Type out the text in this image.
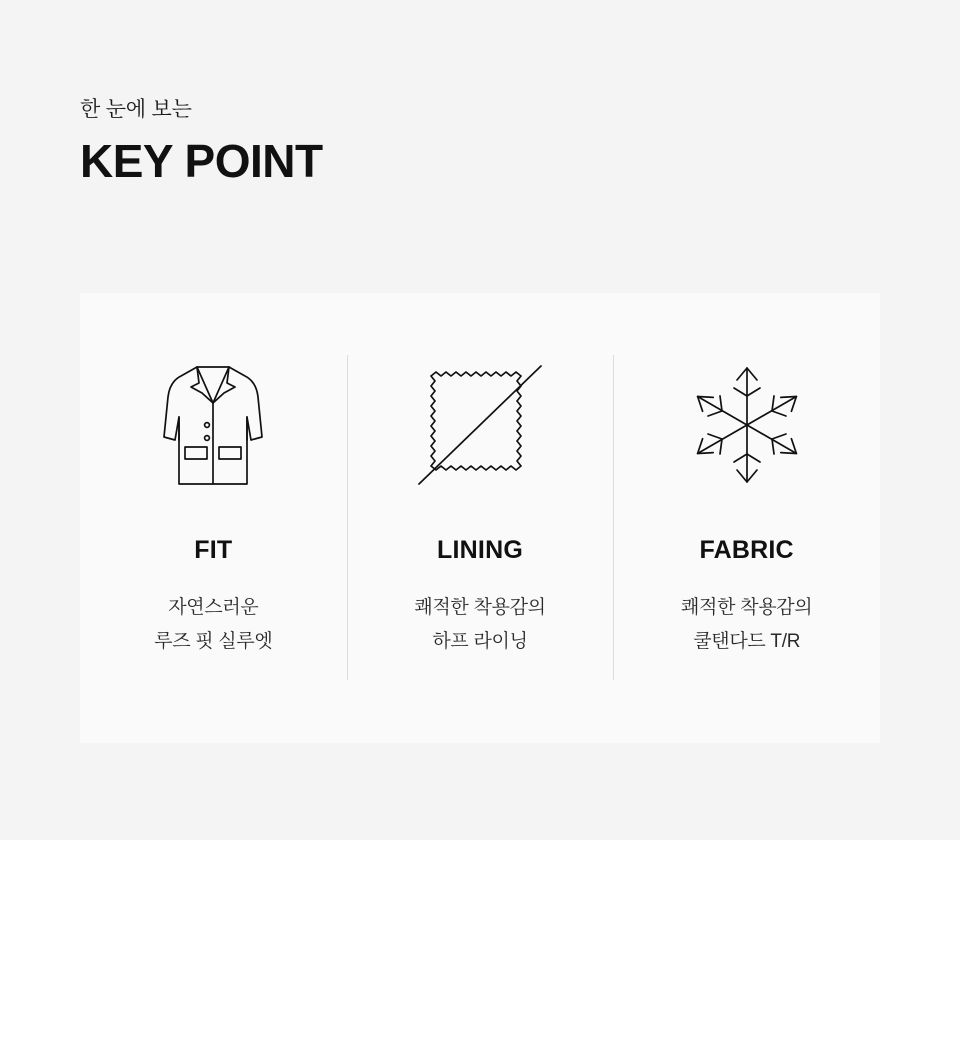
한 눈에 보는
KEY POINT
FIT
자연스러운
루즈 핏 실루엣
LINING
쾌적한 착용감의
하프 라이닝
FABRIC
쾌적한 착용감의
쿨탠다드 T/R
